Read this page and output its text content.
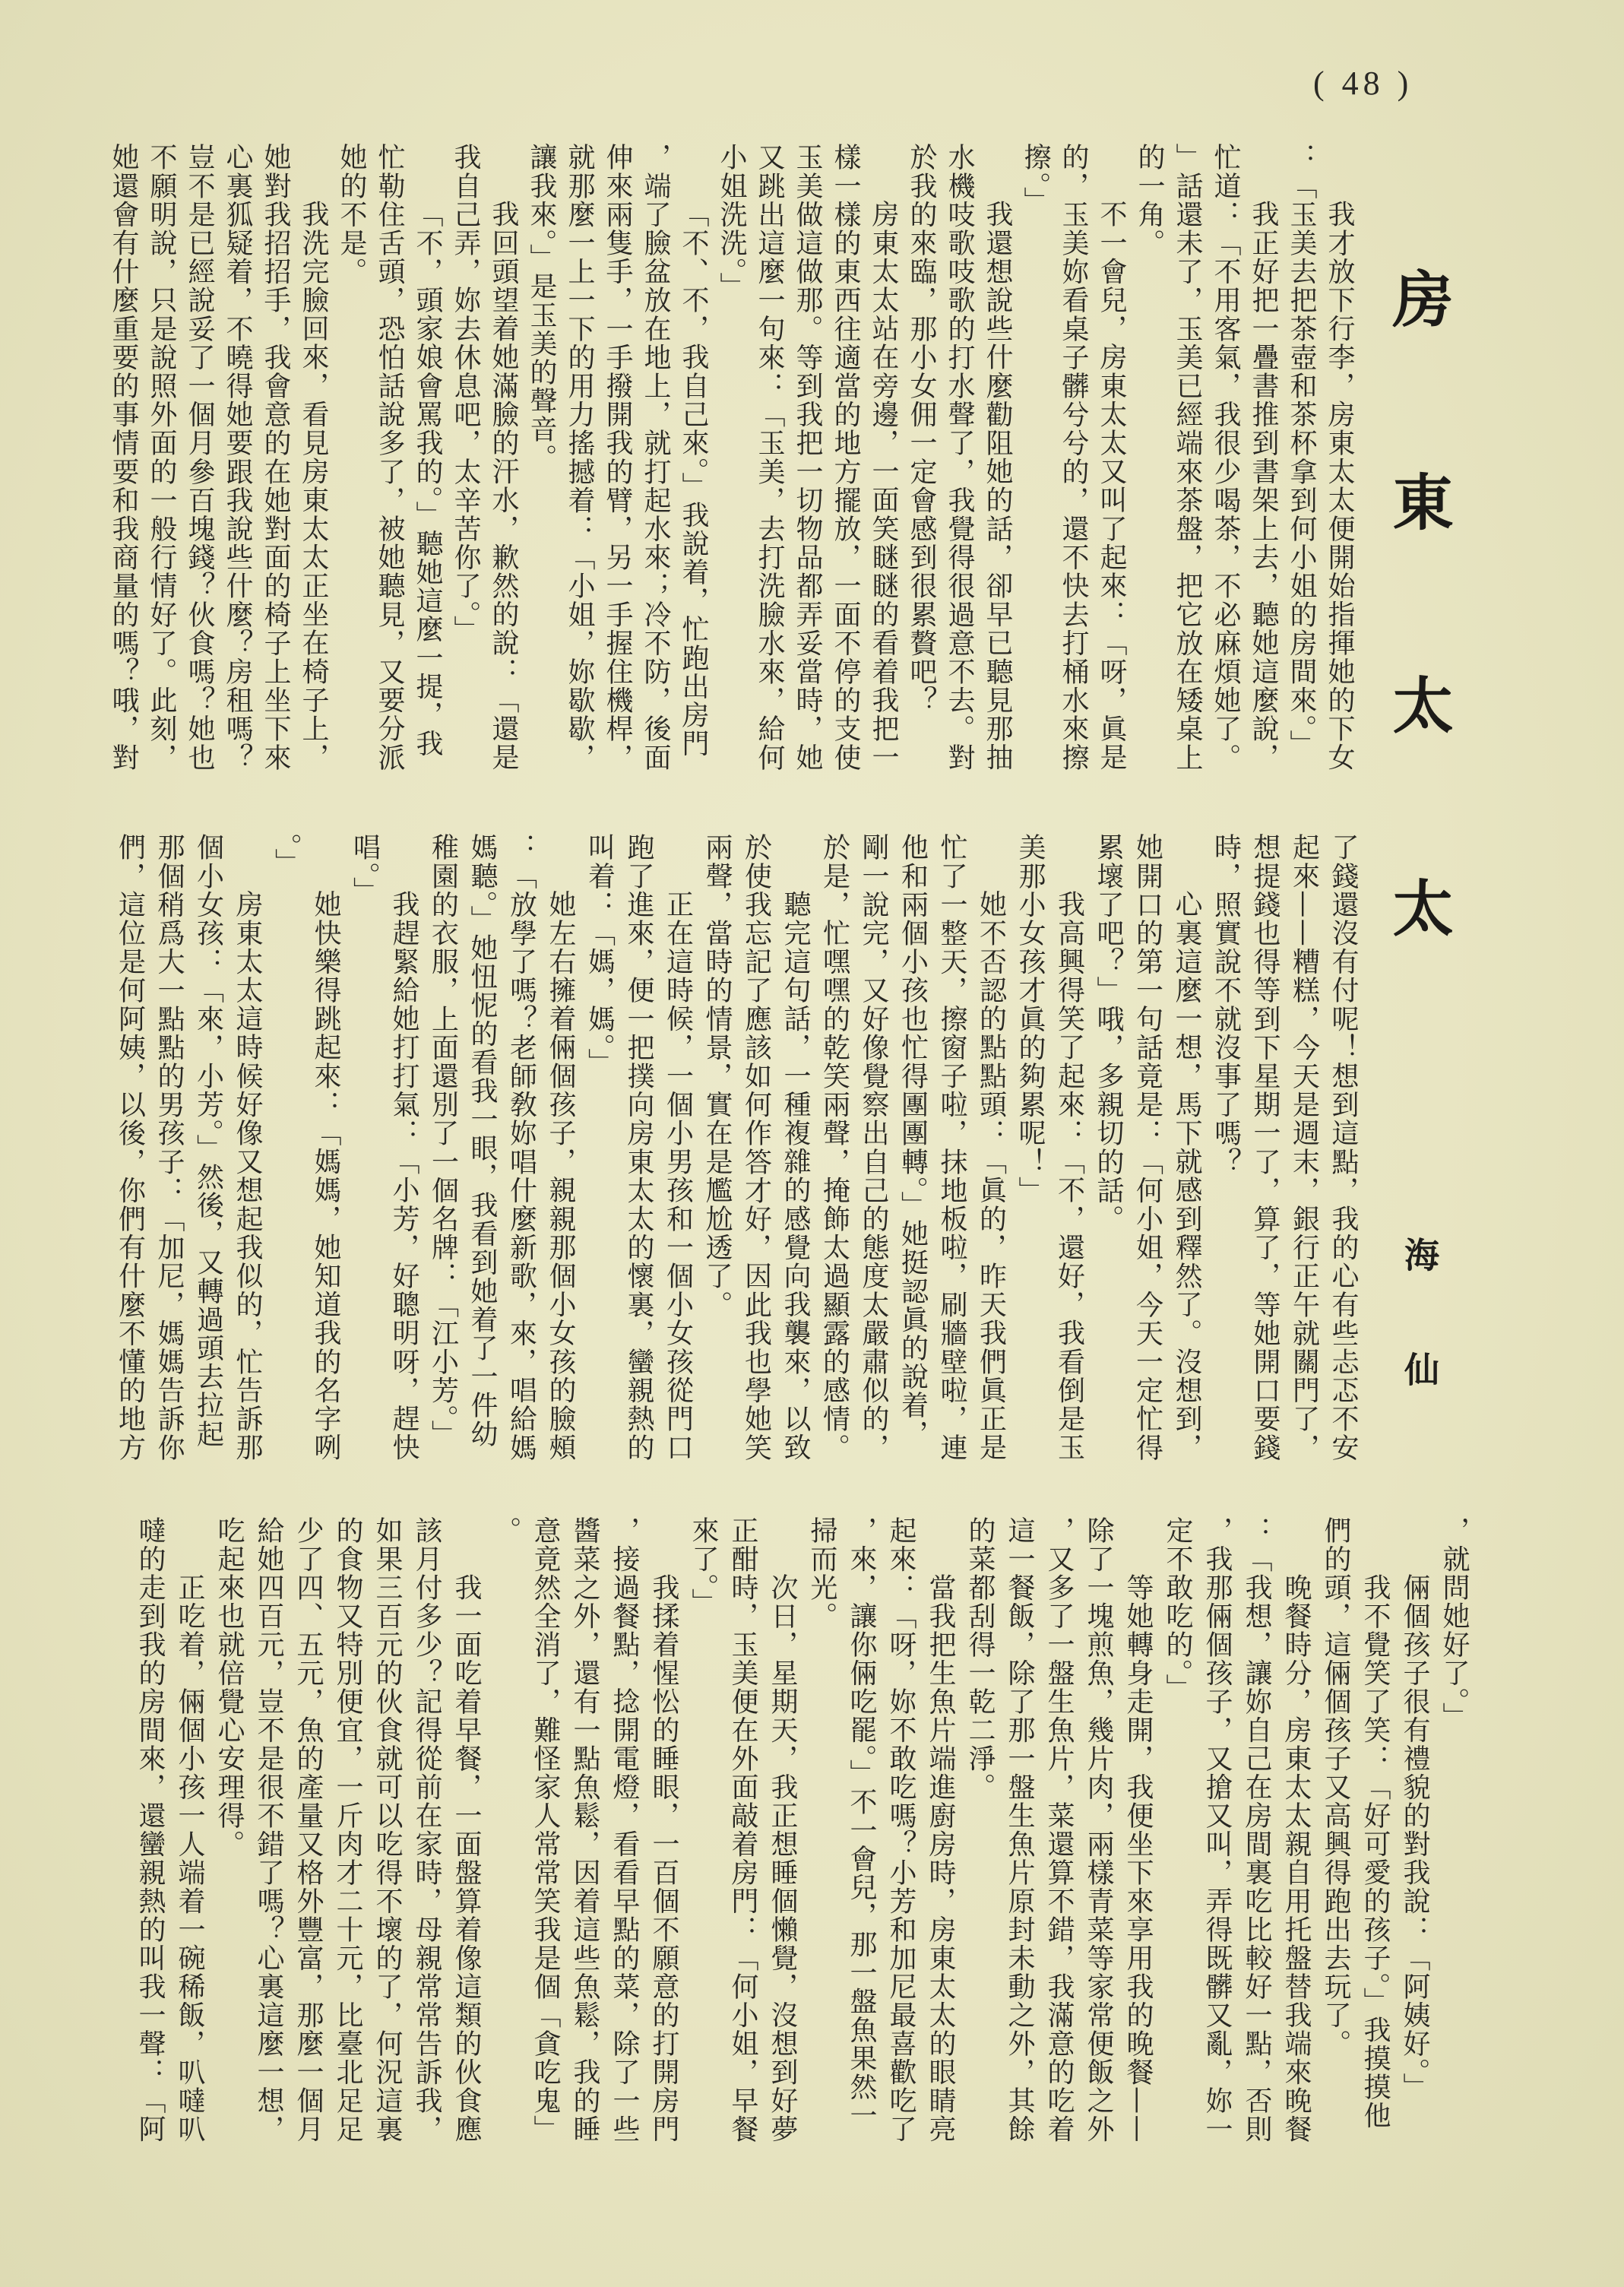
( 48 )
房東太太
海仙
我才放下行李，房東太太便開始指揮她的下女
：「玉美去把茶壺和茶杯拿到何小姐的房間來。」
我正好把一疊書推到書架上去，聽她這麼說，
忙道：「不用客氣，我很少喝茶，不必麻煩她了。
」話還未了，玉美已經端來茶盤，把它放在矮桌上
的一角。
不一會兒，房東太太又叫了起來：「呀，眞是
的，玉美妳看桌子髒兮兮的，還不快去打桶水來擦
擦。」
我還想說些什麼勸阻她的話，卻早已聽見那抽
水機吱歌吱歌的打水聲了，我覺得很過意不去。對
於我的來臨，那小女佣一定會感到很累贅吧？
房東太太站在旁邊，一面笑瞇瞇的看着我把一
樣一樣的東西往適當的地方擺放，一面不停的支使
玉美做這做那。等到我把一切物品都弄妥當時，她
又跳出這麼一句來：「玉美，去打洗臉水來，給何
小姐洗洗。」
「不、不，我自己來。」我說着，忙跑出房門
，端了臉盆放在地上，就打起水來；冷不防，後面
伸來兩隻手，一手撥開我的臂，另一手握住機桿，
就那麼一上一下的用力搖撼着：「小姐，妳歇歇，
讓我來。」是玉美的聲音。
我回頭望着她滿臉的汗水，歉然的說：「還是
我自己弄，妳去休息吧，太辛苦你了。」
「不，頭家娘會罵我的。」聽她這麼一提，我
忙勒住舌頭，恐怕話說多了，被她聽見，又要分派
她的不是。
我洗完臉回來，看見房東太太正坐在椅子上，
她對我招招手，我會意的在她對面的椅子上坐下來
心裏狐疑着，不曉得她要跟我說些什麼？房租嗎？
豈不是已經說妥了一個月參百塊錢？伙食嗎？她也
不願明說，只是說照外面的一般行情好了。此刻，
她還會有什麼重要的事情要和我商量的嗎？哦，對
了錢還沒有付呢！想到這點，我的心有些忐忑不安
起來——糟糕，今天是週末，銀行正午就關門了，
想提錢也得等到下星期一了，算了，等她開口要錢
時，照實說不就沒事了嗎？
心裏這麼一想，馬下就感到釋然了。沒想到，
她開口的第一句話竟是：「何小姐，今天一定忙得
累壞了吧？」哦，多親切的話。
我高興得笑了起來：「不，還好，我看倒是玉
美那小女孩才眞的夠累呢！」
她不否認的點點頭：「眞的，昨天我們眞正是
忙了一整天，擦窗子啦，抹地板啦，刷牆壁啦，連
他和兩個小孩也忙得團團轉。」她挺認眞的說着，
剛一說完，又好像覺察出自己的態度太嚴肅似的，
於是，忙嘿嘿的乾笑兩聲，掩飾太過顯露的感情。
聽完這句話，一種複雜的感覺向我襲來，以致
於使我忘記了應該如何作答才好，因此我也學她笑
兩聲，當時的情景，實在是尷尬透了。
正在這時候，一個小男孩和一個小女孩從門口
跑了進來，便一把撲向房東太太的懷裏，蠻親熱的
叫着：「媽，媽。」
她左右擁着倆個孩子，親親那個小女孩的臉頰
：「放學了嗎？老師敎妳唱什麼新歌，來，唱給媽
媽聽。」她忸怩的看我一眼，我看到她着了一件幼
稚園的衣服，上面還別了一個名牌：「江小芳。」
我趕緊給她打打氣：「小芳，好聰明呀，趕快
唱。」
她快樂得跳起來：「媽媽，她知道我的名字咧
。」
房東太太這時候好像又想起我似的，忙告訴那
個小女孩：「來，小芳。」然後，又轉過頭去拉起
那個稍爲大一點點的男孩子：「加尼，媽媽告訴你
們，這位是何阿姨，以後，你們有什麼不懂的地方
，就問她好了。」
倆個孩子很有禮貌的對我說：「阿姨好。」
我不覺笑了笑：「好可愛的孩子。」我摸摸他
們的頭，這倆個孩子又高興得跑出去玩了。
晚餐時分，房東太太親自用托盤替我端來晚餐
：「我想，讓妳自己在房間裏吃比較好一點，否則
，我那倆個孩子，又搶又叫，弄得既髒又亂，妳一
定不敢吃的。」
等她轉身走開，我便坐下來享用我的晚餐——
除了一塊煎魚，幾片肉，兩樣青菜等家常便飯之外
，又多了一盤生魚片，菜還算不錯，我滿意的吃着
這一餐飯，除了那一盤生魚片原封未動之外，其餘
的菜都刮得一乾二淨。
當我把生魚片端進廚房時，房東太太的眼睛亮
起來：「呀，妳不敢吃嗎？小芳和加尼最喜歡吃了
，來，讓你倆吃罷。」不一會兒，那一盤魚果然一
掃而光。
次日，星期天，我正想睡個懶覺，沒想到好夢
正酣時，玉美便在外面敲着房門：「何小姐，早餐
來了。」
我揉着惺忪的睡眼，一百個不願意的打開房門
，接過餐點，捻開電燈，看看早點的菜，除了一些
醬菜之外，還有一點魚鬆，因着這些魚鬆，我的睡
意竟然全消了，難怪家人常常笑我是個「貪吃鬼」
。
我一面吃着早餐，一面盤算着像這類的伙食應
該月付多少？記得從前在家時，母親常常告訴我，
如果三百元的伙食就可以吃得不壞的了，何況這裏
的食物又特別便宜，一斤肉才二十元，比臺北足足
少了四、五元，魚的產量又格外豐富，那麼一個月
給她四百元，豈不是很不錯了嗎？心裏這麼一想，
吃起來也就倍覺心安理得。
正吃着，倆個小孩一人端着一碗稀飯，叭噠叭
噠的走到我的房間來，還蠻親熱的叫我一聲：「阿
